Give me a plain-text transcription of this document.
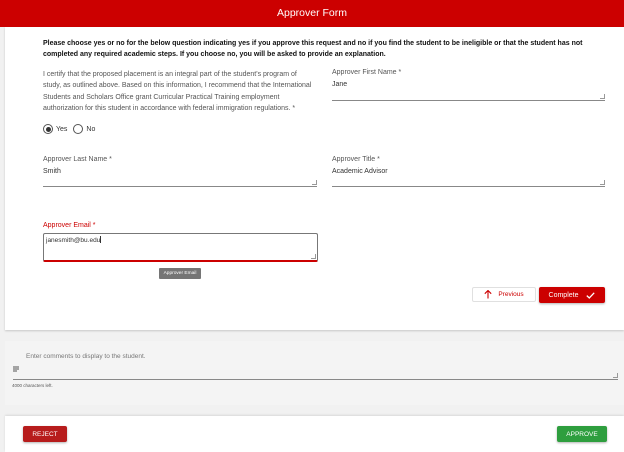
Approver Form
Please choose yes or no for the below question indicating yes if you approve this request and no if you find the student to be ineligible or that the student has not completed any required academic steps. If you choose no, you will be asked to provide an explanation.
I certify that the proposed placement is an integral part of the student's program of study, as outlined above. Based on this information, I recommend that the International Students and Scholars Office grant Curricular Practical Training employment authorization for this student in accordance with federal immigration regulations. *
Yes	No
Approver First Name *
Jane
Approver Last Name *
Smith
Approver Title *
Academic Advisor
Approver Email *
janesmith@bu.edu
Approver Email
Previous	Complete
Enter comments to display to the student.
4000 characters left.
REJECT	APPROVE
